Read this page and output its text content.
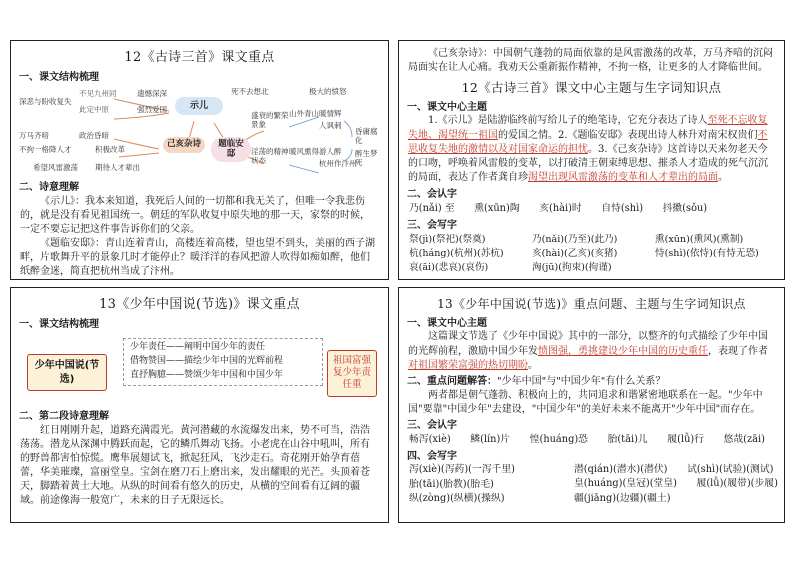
12《古诗三首》课文重点
一、课文结构梳理
深悲与盼收复失
不见九州同
此定中原
遗憾深深
强烈爱国	示儿
己亥杂诗	题临安邸
死不去想北	极大的愤怒
盛衰的繁荣景象
淫荡的精神状态
山外青山
暖风熏得
暖情辉
人讽刺
游人醉
杭州作汴州
昏庸腐化
醉生梦死
万马齐喑	政治昏暗
不拘一格降人才	积极改革
希望风雷激荡 期待人才辈出
二、诗意理解

《示儿》：我本来知道，我死后人间的一切都和我无关了，但唯一令我悲伤的，就是没有看见祖国统一。朝廷的军队收复中原失地的那一天，家祭的时候，一定不要忘记把这件事告诉你们的父亲。

《题临安邸》：青山连着青山，高楼连着高楼，望也望不到头，美丽的西子湖畔，片歌舞升平的景象几时才能停止？暖洋洋的春风把游人吹得如痴如醉，他们纸醉金迷，简直把杭州当成了汴州。

《己亥杂诗》：中国朝气蓬勃的局面依靠的是风雷激荡的改革，万马齐喑的沉闷局面实在让人心痛。我劝天公重新振作精神，不拘一格，让更多的人才降临世间。

12《古诗三首》课文中心主题与生字词知识点
一、课文中心主题

1.《示儿》是陆游临终前写给儿子的绝笔诗，它充分表达了诗人至死不忘收复失地、渴望统一祖国的爱国之情。2.《题临安邸》表现出诗人林升对南宋权贵们不思收复失地的激情以及对国家命运的担忧。3.《己亥杂诗》这首诗以天来勿老天今的口吻，呼唤着风雷般的变革，以打破清王朝束缚思想、摧杀人才造成的死气沉沉的局面，表达了作者龚自珍渴望出现风雷激荡的变革和人才辈出的局面。

二、会认字
乃(nǎi) 至　　熏(xūn)陶　　亥(hài)时　　自恃(shì)　　抖擞(sǒu)
三、会写字
祭(jì)(祭祀)(祭奠)	乃(nǎi)(乃至)(此乃)	熏(xūn)(熏风)(熏制)
杭(háng)(杭州)(苏杭)	亥(hài)(乙亥)(亥猪)	恃(shì)(依恃)(有恃无恐)
哀(āi)(悲哀)(哀伤)	洶(jū)(拘束)(拘谨)
13《少年中国说(节选)》课文重点
一、课文结构梳理
少年中国说(节选)
少年责任——阐明中国少年的责任
借物赞国——描绘少年中国的光辉前程
直抒胸臆——赞颂少年中国和中国少年
祖国富强复少年责任重
二、第二段诗意理解

红日刚刚升起，道路充满霞光。黄河潜藏的水流爆发出来，势不可当，浩浩荡荡。潜龙从深渊中腾跃而起，它的鳞爪舞动飞扬。小老虎在山谷中吼叫，所有的野兽都害怕惊慌。鹰隼展翅试飞，掀起狂风，飞沙走石。奇花刚开始孕育蓓蕾，华美璀璨，富丽堂皇。宝剑在磨刀石上磨出来，发出耀眼的光芒。头顶着苍天，脚踏着黄土大地。从纵的时间看有悠久的历史，从横的空间看有辽阔的疆域。前途像海一般宽广，未来的日子无限远长。

13《少年中国说(节选)》重点问题、主题与生字词知识点
一、课文中心主题

这篇课文节选了《少年中国说》其中的一部分，以整齐的句式描绘了少年中国的光辉前程，激励中国少年发愤图强，勇挑建设少年中国的历史重任，表现了作者对祖国繁荣富强的热切期盼。

二、重点问题解答："少年中国"与"中国少年"有什么关系？

两者都是朝气蓬勃、积极向上的，共同追求和谐紧密地联系在一起。"少年中国"要靠"中国少年"去建设，"中国少年"的美好未来不能离开"少年中国"而存在。

三、会认字
畅泻(xiè)　　鳞(lín)片　　惶(huáng)恐　　胎(tāi)儿　　履(lǚ)行　　悠哉(zāi)
四、会写字
泻(xiè)(泻药)(一泻千里)	潜(qián)(潜水)(潜伏)　　试(shì)(试验)(测试)
胎(tāi)(胎教)(胎毛)	皇(huáng)(皇冠)(堂皇)　　履(lǚ)(履带)(步履)
纵(zòng)(纵横)(操纵)	疆(jiāng)(边疆)(疆土)
